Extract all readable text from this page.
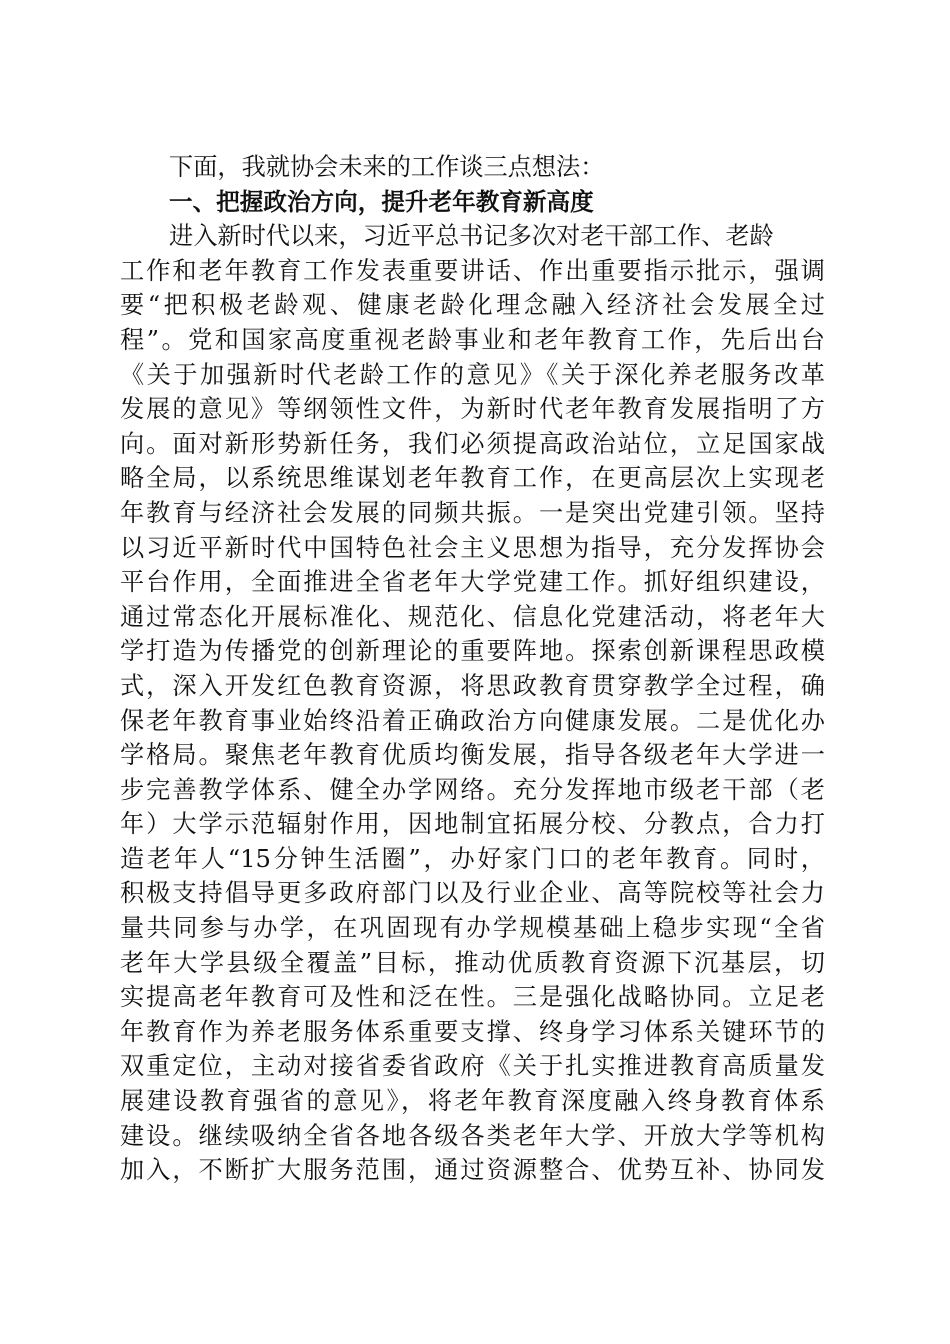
下面，我就协会未来的工作谈三点想法：
一、把握政治方向，提升老年教育新高度
进入新时代以来，习近平总书记多次对老干部工作、老龄
工作和老年教育工作发表重要讲话、作出重要指示批示，强调
要“把积极老龄观、健康老龄化理念融入经济社会发展全过
程”。党和国家高度重视老龄事业和老年教育工作，先后出台
《关于加强新时代老龄工作的意见》《关于深化养老服务改革
发展的意见》等纲领性文件，为新时代老年教育发展指明了方
向。面对新形势新任务，我们必须提高政治站位，立足国家战
略全局，以系统思维谋划老年教育工作，在更高层次上实现老
年教育与经济社会发展的同频共振。一是突出党建引领。坚持
以习近平新时代中国特色社会主义思想为指导，充分发挥协会
平台作用，全面推进全省老年大学党建工作。抓好组织建设，
通过常态化开展标准化、规范化、信息化党建活动，将老年大
学打造为传播党的创新理论的重要阵地。探索创新课程思政模
式，深入开发红色教育资源，将思政教育贯穿教学全过程，确
保老年教育事业始终沿着正确政治方向健康发展。二是优化办
学格局。聚焦老年教育优质均衡发展，指导各级老年大学进一
步完善教学体系、健全办学网络。充分发挥地市级老干部（老
年）大学示范辐射作用，因地制宜拓展分校、分教点，合力打
造老年人“15分钟生活圈”，办好家门口的老年教育。同时，
积极支持倡导更多政府部门以及行业企业、高等院校等社会力
量共同参与办学，在巩固现有办学规模基础上稳步实现“全省
老年大学县级全覆盖”目标，推动优质教育资源下沉基层，切
实提高老年教育可及性和泛在性。三是强化战略协同。立足老
年教育作为养老服务体系重要支撑、终身学习体系关键环节的
双重定位，主动对接省委省政府《关于扎实推进教育高质量发
展建设教育强省的意见》，将老年教育深度融入终身教育体系
建设。继续吸纳全省各地各级各类老年大学、开放大学等机构
加入，不断扩大服务范围，通过资源整合、优势互补、协同发
